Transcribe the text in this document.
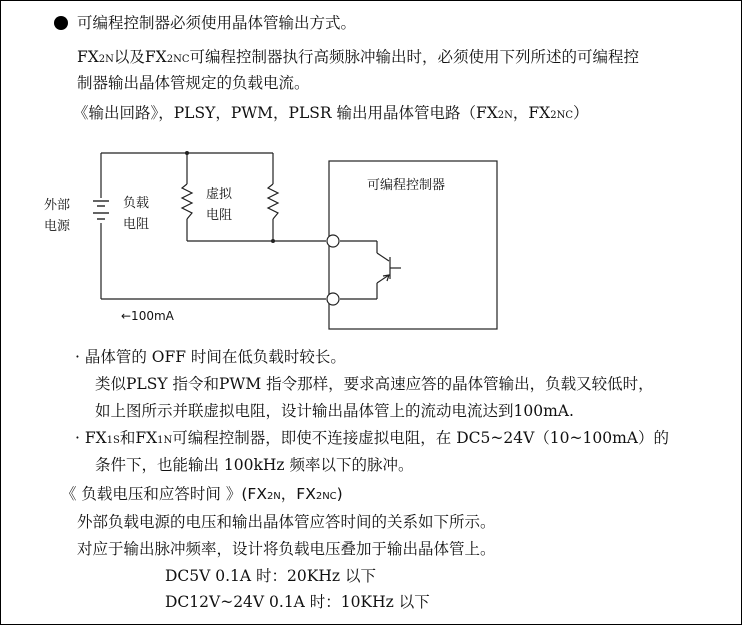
可编程控制器必须使用晶体管输出方式。
FX2N以及FX2NC可编程控制器执行高频脉冲输出时，必须使用下列所述的可编程控
制器输出晶体管规定的负载电流。
《输出回路》，PLSY，PWM，PLSR 输出用晶体管电路（FX2N，FX2NC）
外部
电源
负载
电阻
虚拟
电阻
可编程控制器
←100mA
· 晶体管的 OFF 时间在低负载时较长。
类似PLSY 指令和PWM 指令那样，要求高速应答的晶体管输出，负载又较低时，
如上图所示并联虚拟电阻，设计输出晶体管上的流动电流达到100mA.
· FX1S和FX1N可编程控制器，即使不连接虚拟电阻，在 DC5~24V（10~100mA）的
条件下，也能输出 100kHz 频率以下的脉冲。
《 负载电压和应答时间 》(FX2N，FX2NC)
外部负载电源的电压和输出晶体管应答时间的关系如下所示。
对应于输出脉冲频率，设计将负载电压叠加于输出晶体管上。
DC5V 0.1A 时：20KHz 以下
DC12V~24V 0.1A 时：10KHz 以下
